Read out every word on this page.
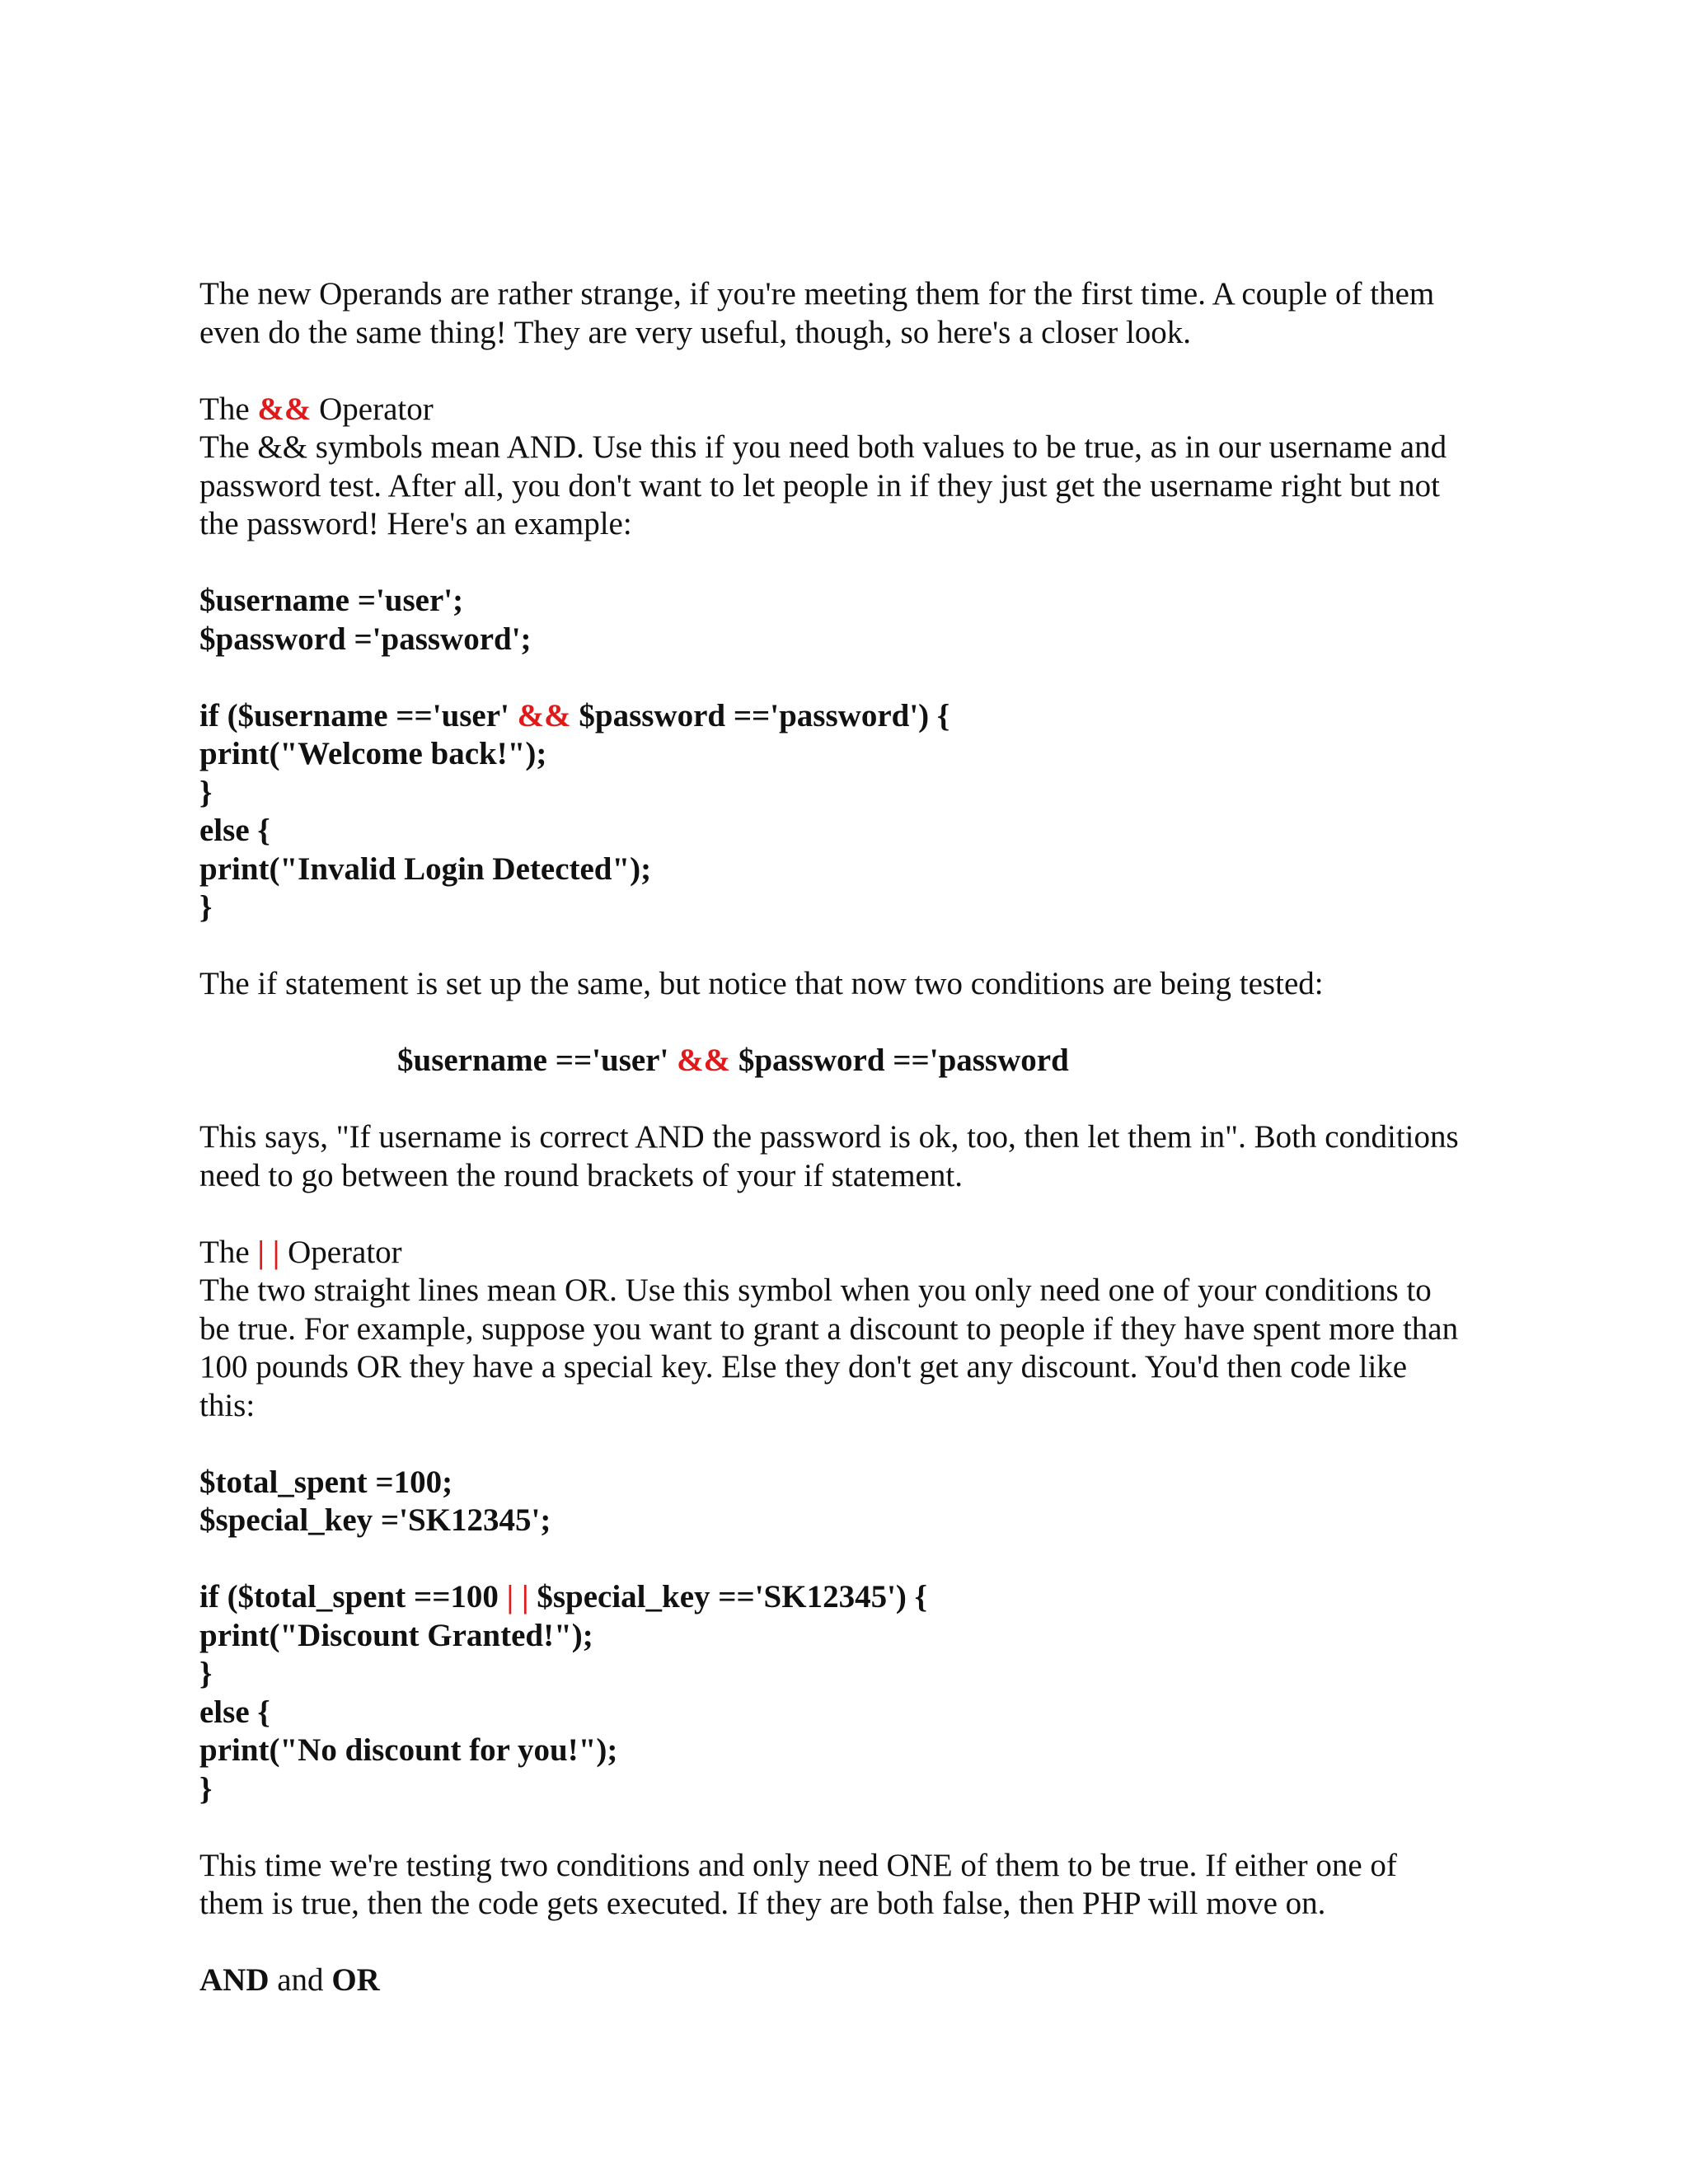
The new Operands are rather strange, if you're meeting them for the first time. A couple of them
even do the same thing! They are very useful, though, so here's a closer look.
The && Operator
The && symbols mean AND. Use this if you need both values to be true, as in our username and
password test. After all, you don't want to let people in if they just get the username right but not
the password! Here's an example:
$username ='user';
$password ='password';
if ($username =='user' && $password =='password') {
print("Welcome back!");
}
else {
print("Invalid Login Detected");
}
The if statement is set up the same, but notice that now two conditions are being tested:
$username =='user' && $password =='password
This says, "If username is correct AND the password is ok, too, then let them in". Both conditions
need to go between the round brackets of your if statement.
The | | Operator
The two straight lines mean OR. Use this symbol when you only need one of your conditions to
be true. For example, suppose you want to grant a discount to people if they have spent more than
100 pounds OR they have a special key. Else they don't get any discount. You'd then code like
this:
$total_spent =100;
$special_key ='SK12345';
if ($total_spent ==100 | | $special_key =='SK12345') {
print("Discount Granted!");
}
else {
print("No discount for you!");
}
This time we're testing two conditions and only need ONE of them to be true. If either one of
them is true, then the code gets executed. If they are both false, then PHP will move on.
AND and OR
